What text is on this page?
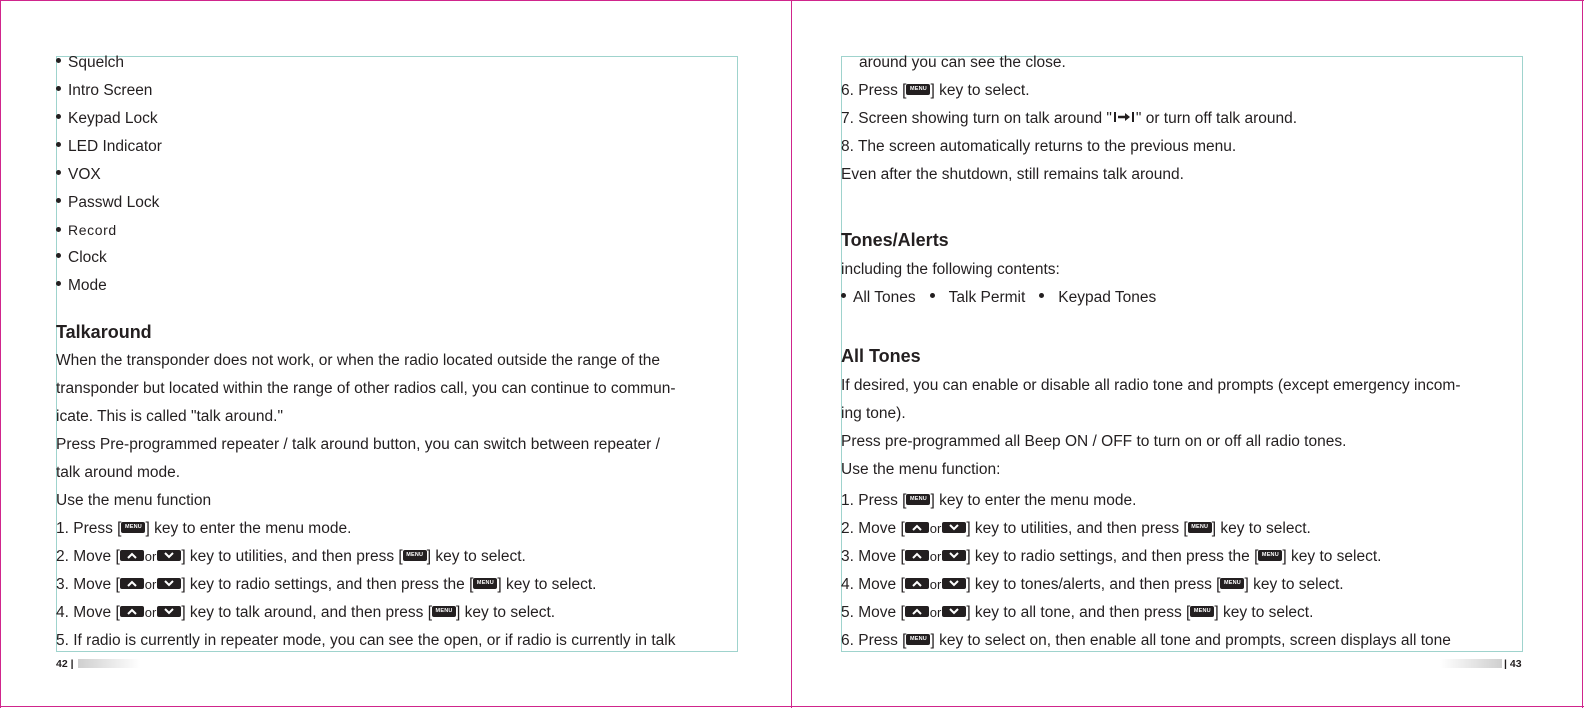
Squelch
Intro Screen
Keypad Lock
LED Indicator
VOX
Passwd Lock
Record
Clock
Mode
Talkaround
When the transponder does not work, or when the radio located outside the range of the
transponder but located within the range of other radios call, you can continue to commun-
icate. This is called "talk around."
Press Pre-programmed repeater / talk around button, you can switch between repeater /
talk around mode.
Use the menu function
1. Press [ MENU ] key to enter the menu mode.
2. Move [ or ] key to utilities, and then press [ MENU ] key to select.
3. Move [ or ] key to radio settings, and then press the [ MENU ] key to select.
4. Move [ or ] key to talk around, and then press [ MENU ] key to select.
5. If radio is currently in repeater mode, you can see the open, or if radio is currently in talk
42 |
around you can see the close.
6. Press [ MENU ] key to select.
7. Screen showing turn on talk around " " or turn off talk around.
8. The screen automatically returns to the previous menu.
Even after the shutdown, still remains talk around.
Tones/Alerts
including the following contents:
All Tones Talk Permit Keypad Tones
All Tones
If desired, you can enable or disable all radio tone and prompts (except emergency incom-
ing tone).
Press pre-programmed all Beep ON / OFF to turn on or off all radio tones.
Use the menu function:
1. Press [ MENU ] key to enter the menu mode.
2. Move [ or ] key to utilities, and then press [ MENU ] key to select.
3. Move [ or ] key to radio settings, and then press the [ MENU ] key to select.
4. Move [ or ] key to tones/alerts, and then press [ MENU ] key to select.
5. Move [ or ] key to all tone, and then press [ MENU ] key to select.
6. Press [ MENU ] key to select on, then enable all tone and prompts, screen displays all tone
| 43
